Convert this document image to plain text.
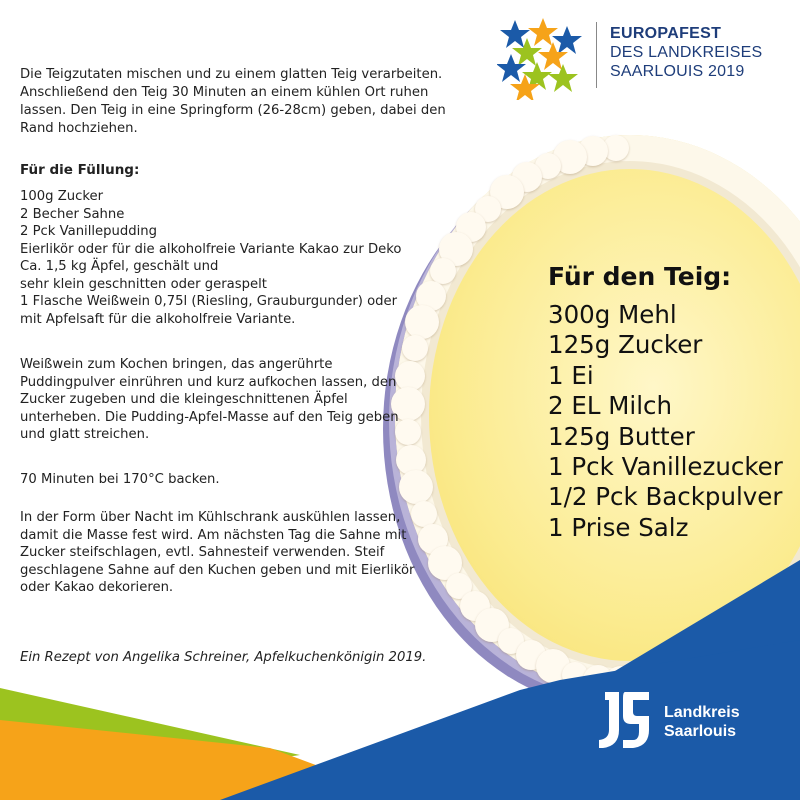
EUROPAFEST
DES LANDKREISES
SAARLOUIS 2019

Die Teigzutaten mischen und zu einem glatten Teig verarbeiten. Anschließend den Teig 30 Minuten an einem kühlen Ort ruhen lassen. Den Teig in eine Springform (26-28cm) geben, dabei den Rand hochziehen.

Für die Füllung:

100g Zucker
2 Becher Sahne
2 Pck Vanillepudding
Eierlikör oder für die alkoholfreie Variante Kakao zur Deko
Ca. 1,5 kg Äpfel, geschält und
sehr klein geschnitten oder geraspelt
1 Flasche Weißwein 0,75l (Riesling, Grauburgunder) oder
mit Apfelsaft für die alkoholfreie Variante.

Weißwein zum Kochen bringen, das angerührte Puddingpulver einrühren und kurz aufkochen lassen, den Zucker zugeben und die kleingeschnittenen Äpfel unterheben. Die Pudding-Apfel-Masse auf den Teig geben und glatt streichen.

70 Minuten bei 170°C backen.

In der Form über Nacht im Kühlschrank auskühlen lassen, damit die Masse fest wird. Am nächsten Tag die Sahne mit Zucker steifschlagen, evtl. Sahnesteif verwenden. Steif geschlagene Sahne auf den Kuchen geben und mit Eierlikör oder Kakao dekorieren.

Ein Rezept von Angelika Schreiner, Apfelkuchenkönigin 2019.

Für den Teig:

300g Mehl
125g Zucker
1 Ei
2 EL Milch
125g Butter
1 Pck Vanillezucker
1/2 Pck Backpulver
1 Prise Salz
Landkreis
Saarlouis
